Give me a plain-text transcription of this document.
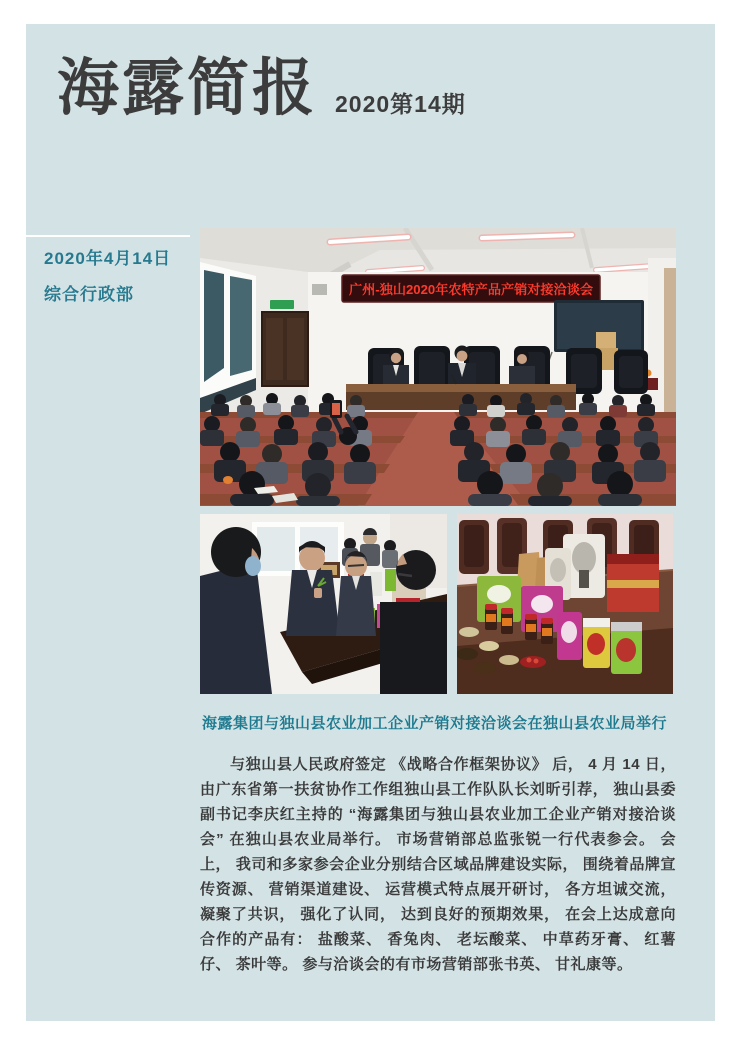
海露简报 2020第14期
2020年4月14日
综合行政部	广州-独山2020年农特产品产销对接洽谈会
海露集团与独山县农业加工企业产销对接洽谈会在独山县农业局举行
与独山县人民政府签定 《战略合作框架协议》 后， 4 月 14 日， 由广东省第一扶贫协作工作组独山县工作队队长刘昕引荐， 独山县委副书记李庆红主持的 “海露集团与独山县农业加工企业产销对接洽谈会” 在独山县农业局举行。 市场营销部总监张锐一行代表参会。 会上， 我司和多家参会企业分别结合区域品牌建设实际， 围绕着品牌宣传资源、 营销渠道建设、 运营模式特点展开研讨， 各方坦诚交流， 凝聚了共识， 强化了认同， 达到良好的预期效果， 在会上达成意向合作的产品有： 盐酸菜、 香兔肉、 老坛酸菜、 中草药牙膏、 红薯仔、 茶叶等。 参与洽谈会的有市场营销部张书英、 甘礼康等。
